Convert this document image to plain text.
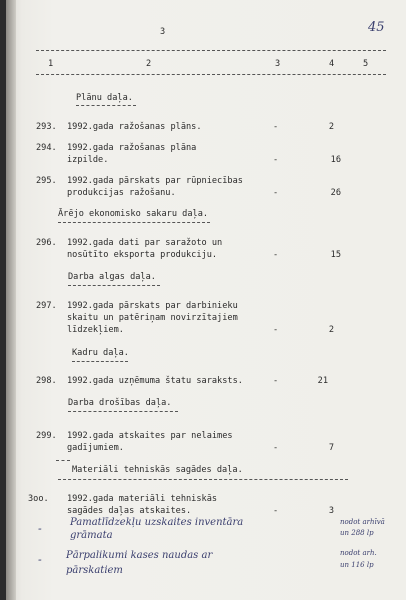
3	45
1	2	3	4	5
Plānu daļa.
293. 1992.gada ražošanas plāns.	-	2
294. 1992.gada ražošanas plāna
izpilde.	-	16
295. 1992.gada pārskats par rūpniecības
produkcijas ražošanu.	-	26
Ārējo ekonomisko sakaru daļa.
296. 1992.gada dati par saražoto un
nosūtīto eksporta produkciju.	-	15
Darba algas daļa.
297. 1992.gada pārskats par darbinieku
skaitu un patēriņam novirzītajiem
līdzekļiem.	-	2
Kadru daļa.
298. 1992.gada uzņēmuma štatu saraksts.	-	21
Darba drošības daļa.
299. 1992.gada atskaites par nelaimes
gadījumiem.	-	7
Materiāli tehniskās sagādes daļa.
3oo. 1992.gada materiāli tehniskās
sagādes daļas atskaites.	-	3
-	Pamatlīdzekļu uzskaites inventāra
grāmata
nodot arhīvā
un 288 lp
- Pārpalikumi kases naudas ar
pārskatiem
nodot arh.
un 116 lp
